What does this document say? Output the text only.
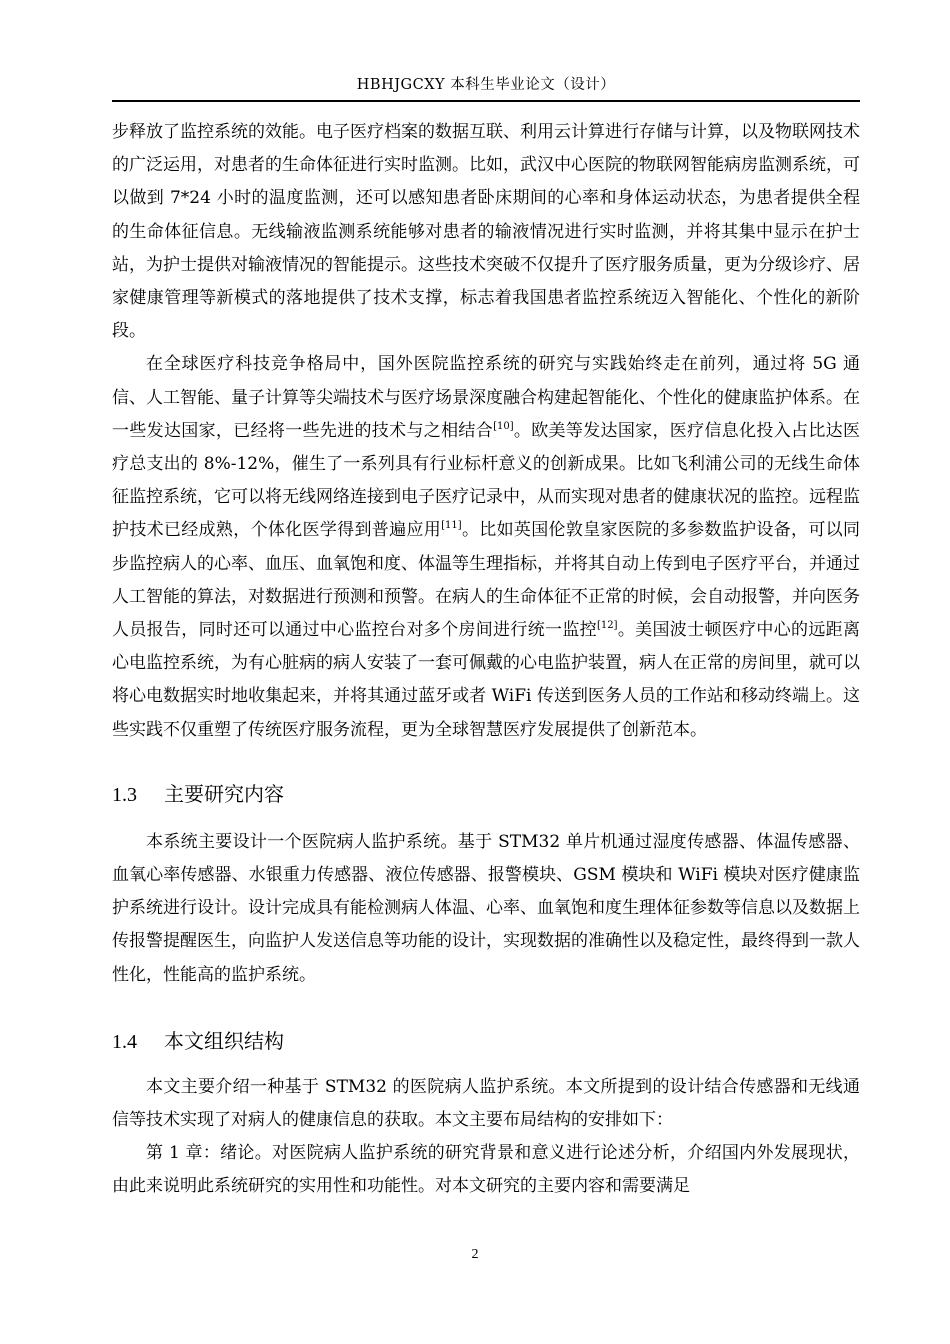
HBHJGCXY 本科生毕业论文（设计）

步释放了监控系统的效能。电子医疗档案的数据互联、利用云计算进行存储与计算，以及物联网技术的广泛运用，对患者的生命体征进行实时监测。比如，武汉中心医院的物联网智能病房监测系统，可以做到 7*24 小时的温度监测，还可以感知患者卧床期间的心率和身体运动状态，为患者提供全程的生命体征信息。无线输液监测系统能够对患者的输液情况进行实时监测，并将其集中显示在护士站，为护士提供对输液情况的智能提示。这些技术突破不仅提升了医疗服务质量，更为分级诊疗、居家健康管理等新模式的落地提供了技术支撑，标志着我国患者监控系统迈入智能化、个性化的新阶段。

在全球医疗科技竞争格局中，国外医院监控系统的研究与实践始终走在前列，通过将 5G 通信、人工智能、量子计算等尖端技术与医疗场景深度融合构建起智能化、个性化的健康监护体系。在一些发达国家，已经将一些先进的技术与之相结合[10]。欧美等发达国家，医疗信息化投入占比达医疗总支出的 8%-12%，催生了一系列具有行业标杆意义的创新成果。比如飞利浦公司的无线生命体征监控系统，它可以将无线网络连接到电子医疗记录中，从而实现对患者的健康状况的监控。远程监护技术已经成熟，个体化医学得到普遍应用[11]。比如英国伦敦皇家医院的多参数监护设备，可以同步监控病人的心率、血压、血氧饱和度、体温等生理指标，并将其自动上传到电子医疗平台，并通过人工智能的算法，对数据进行预测和预警。在病人的生命体征不正常的时候，会自动报警，并向医务人员报告，同时还可以通过中心监控台对多个房间进行统一监控[12]。美国波士顿医疗中心的远距离心电监控系统，为有心脏病的病人安装了一套可佩戴的心电监护装置，病人在正常的房间里，就可以将心电数据实时地收集起来，并将其通过蓝牙或者 WiFi 传送到医务人员的工作站和移动终端上。这些实践不仅重塑了传统医疗服务流程，更为全球智慧医疗发展提供了创新范本。

1.3	主要研究内容

本系统主要设计一个医院病人监护系统。基于 STM32 单片机通过湿度传感器、体温传感器、血氧心率传感器、水银重力传感器、液位传感器、报警模块、GSM 模块和 WiFi 模块对医疗健康监护系统进行设计。设计完成具有能检测病人体温、心率、血氧饱和度生理体征参数等信息以及数据上传报警提醒医生，向监护人发送信息等功能的设计，实现数据的准确性以及稳定性，最终得到一款人性化，性能高的监护系统。

1.4	本文组织结构

本文主要介绍一种基于 STM32 的医院病人监护系统。本文所提到的设计结合传感器和无线通信等技术实现了对病人的健康信息的获取。本文主要布局结构的安排如下：

第 1 章：绪论。对医院病人监护系统的研究背景和意义进行论述分析，介绍国内外发展现状，由此来说明此系统研究的实用性和功能性。对本文研究的主要内容和需要满足

2
